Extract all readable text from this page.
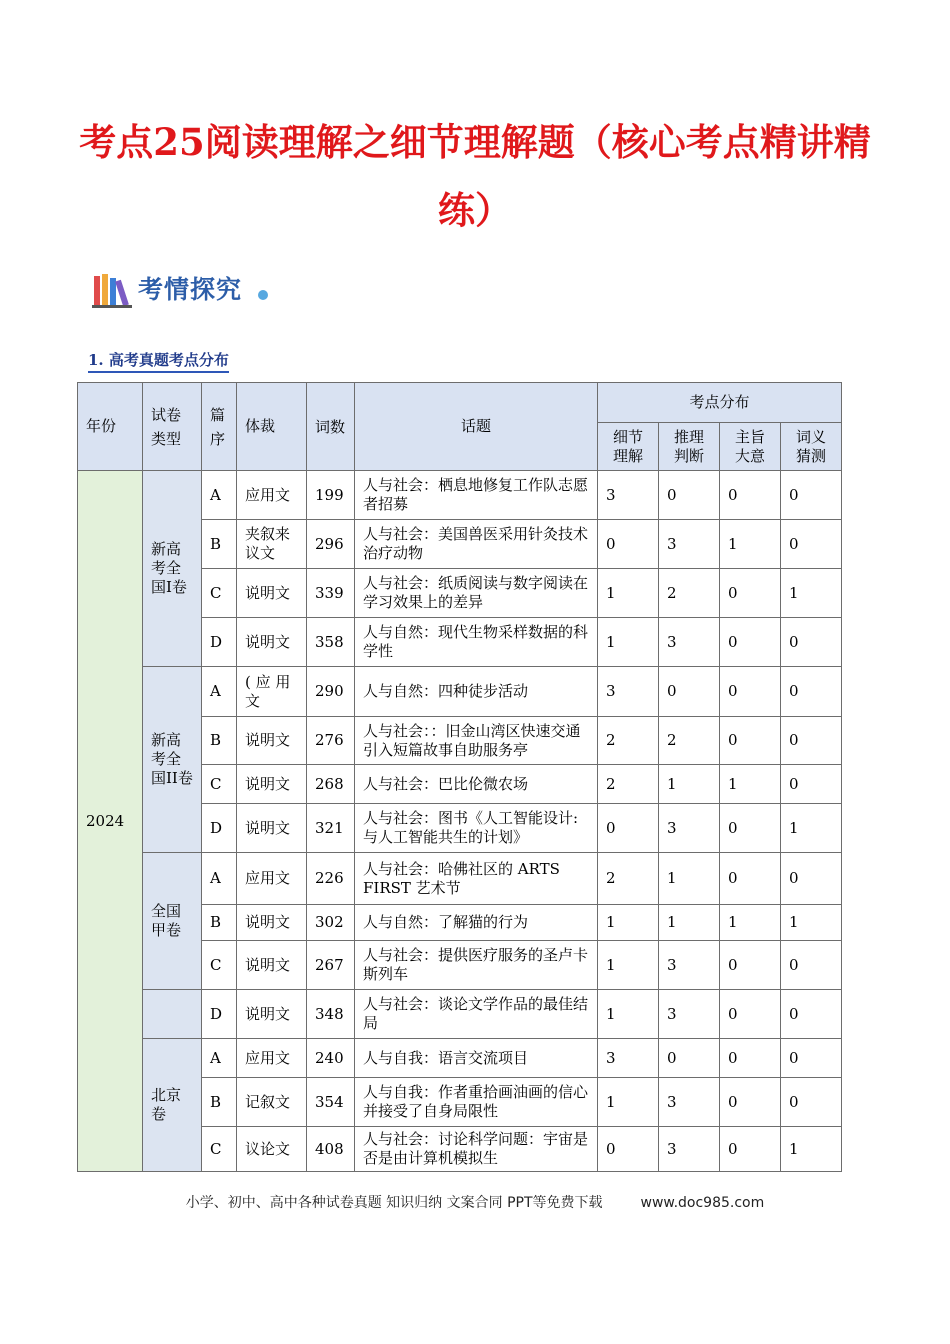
考点25阅读理解之细节理解题（核心考点精讲精练）
考情探究
1. 高考真题考点分布
年份	试卷类型	篇序	体裁	词数	话题	考点分布			
						细节理解	推理判断	主旨大意	词义猜测
2024	新高考全国I卷	A	应用文	199	人与社会：栖息地修复工作队志愿者招募	3	0	0	0
		B	夹叙来议文	296	人与社会：美国兽医采用针灸技术治疗动物	0	3	1	0
		C	说明文	339	人与社会：纸质阅读与数字阅读在学习效果上的差异	1	2	0	1
		D	说明文	358	人与自然：现代生物采样数据的科学性	1	3	0	0
	新高考全国II卷	A	( 应 用 文	290	人与自然：四种徒步活动	3	0	0	0
		B	说明文	276	人与社会：：旧金山湾区快速交通引入短篇故事自助服务亭	2	2	0	0
		C	说明文	268	人与社会：巴比伦微农场	2	1	1	0
		D	说明文	321	人与社会：图书《人工智能设计:与人工智能共生的计划》	0	3	0	1
	全国甲卷	A	应用文	226	人与社会：哈佛社区的 ARTS FIRST 艺术节	2	1	0	0
		B	说明文	302	人与自然：了解猫的行为	1	1	1	1
		C	说明文	267	人与社会：提供医疗服务的圣卢卡斯列车	1	3	0	0
		D	说明文	348	人与社会：谈论文学作品的最佳结局	1	3	0	0
	北京卷	A	应用文	240	人与自我：语言交流项目	3	0	0	0
		B	记叙文	354	人与自我：作者重拾画油画的信心并接受了自身局限性	1	3	0	0
		C	议论文	408	人与社会：讨论科学问题：宇宙是否是由计算机模拟生	0	3	0	1
小学、初中、高中各种试卷真题 知识归纳 文案合同 PPT等免费下载	www.doc985.com
